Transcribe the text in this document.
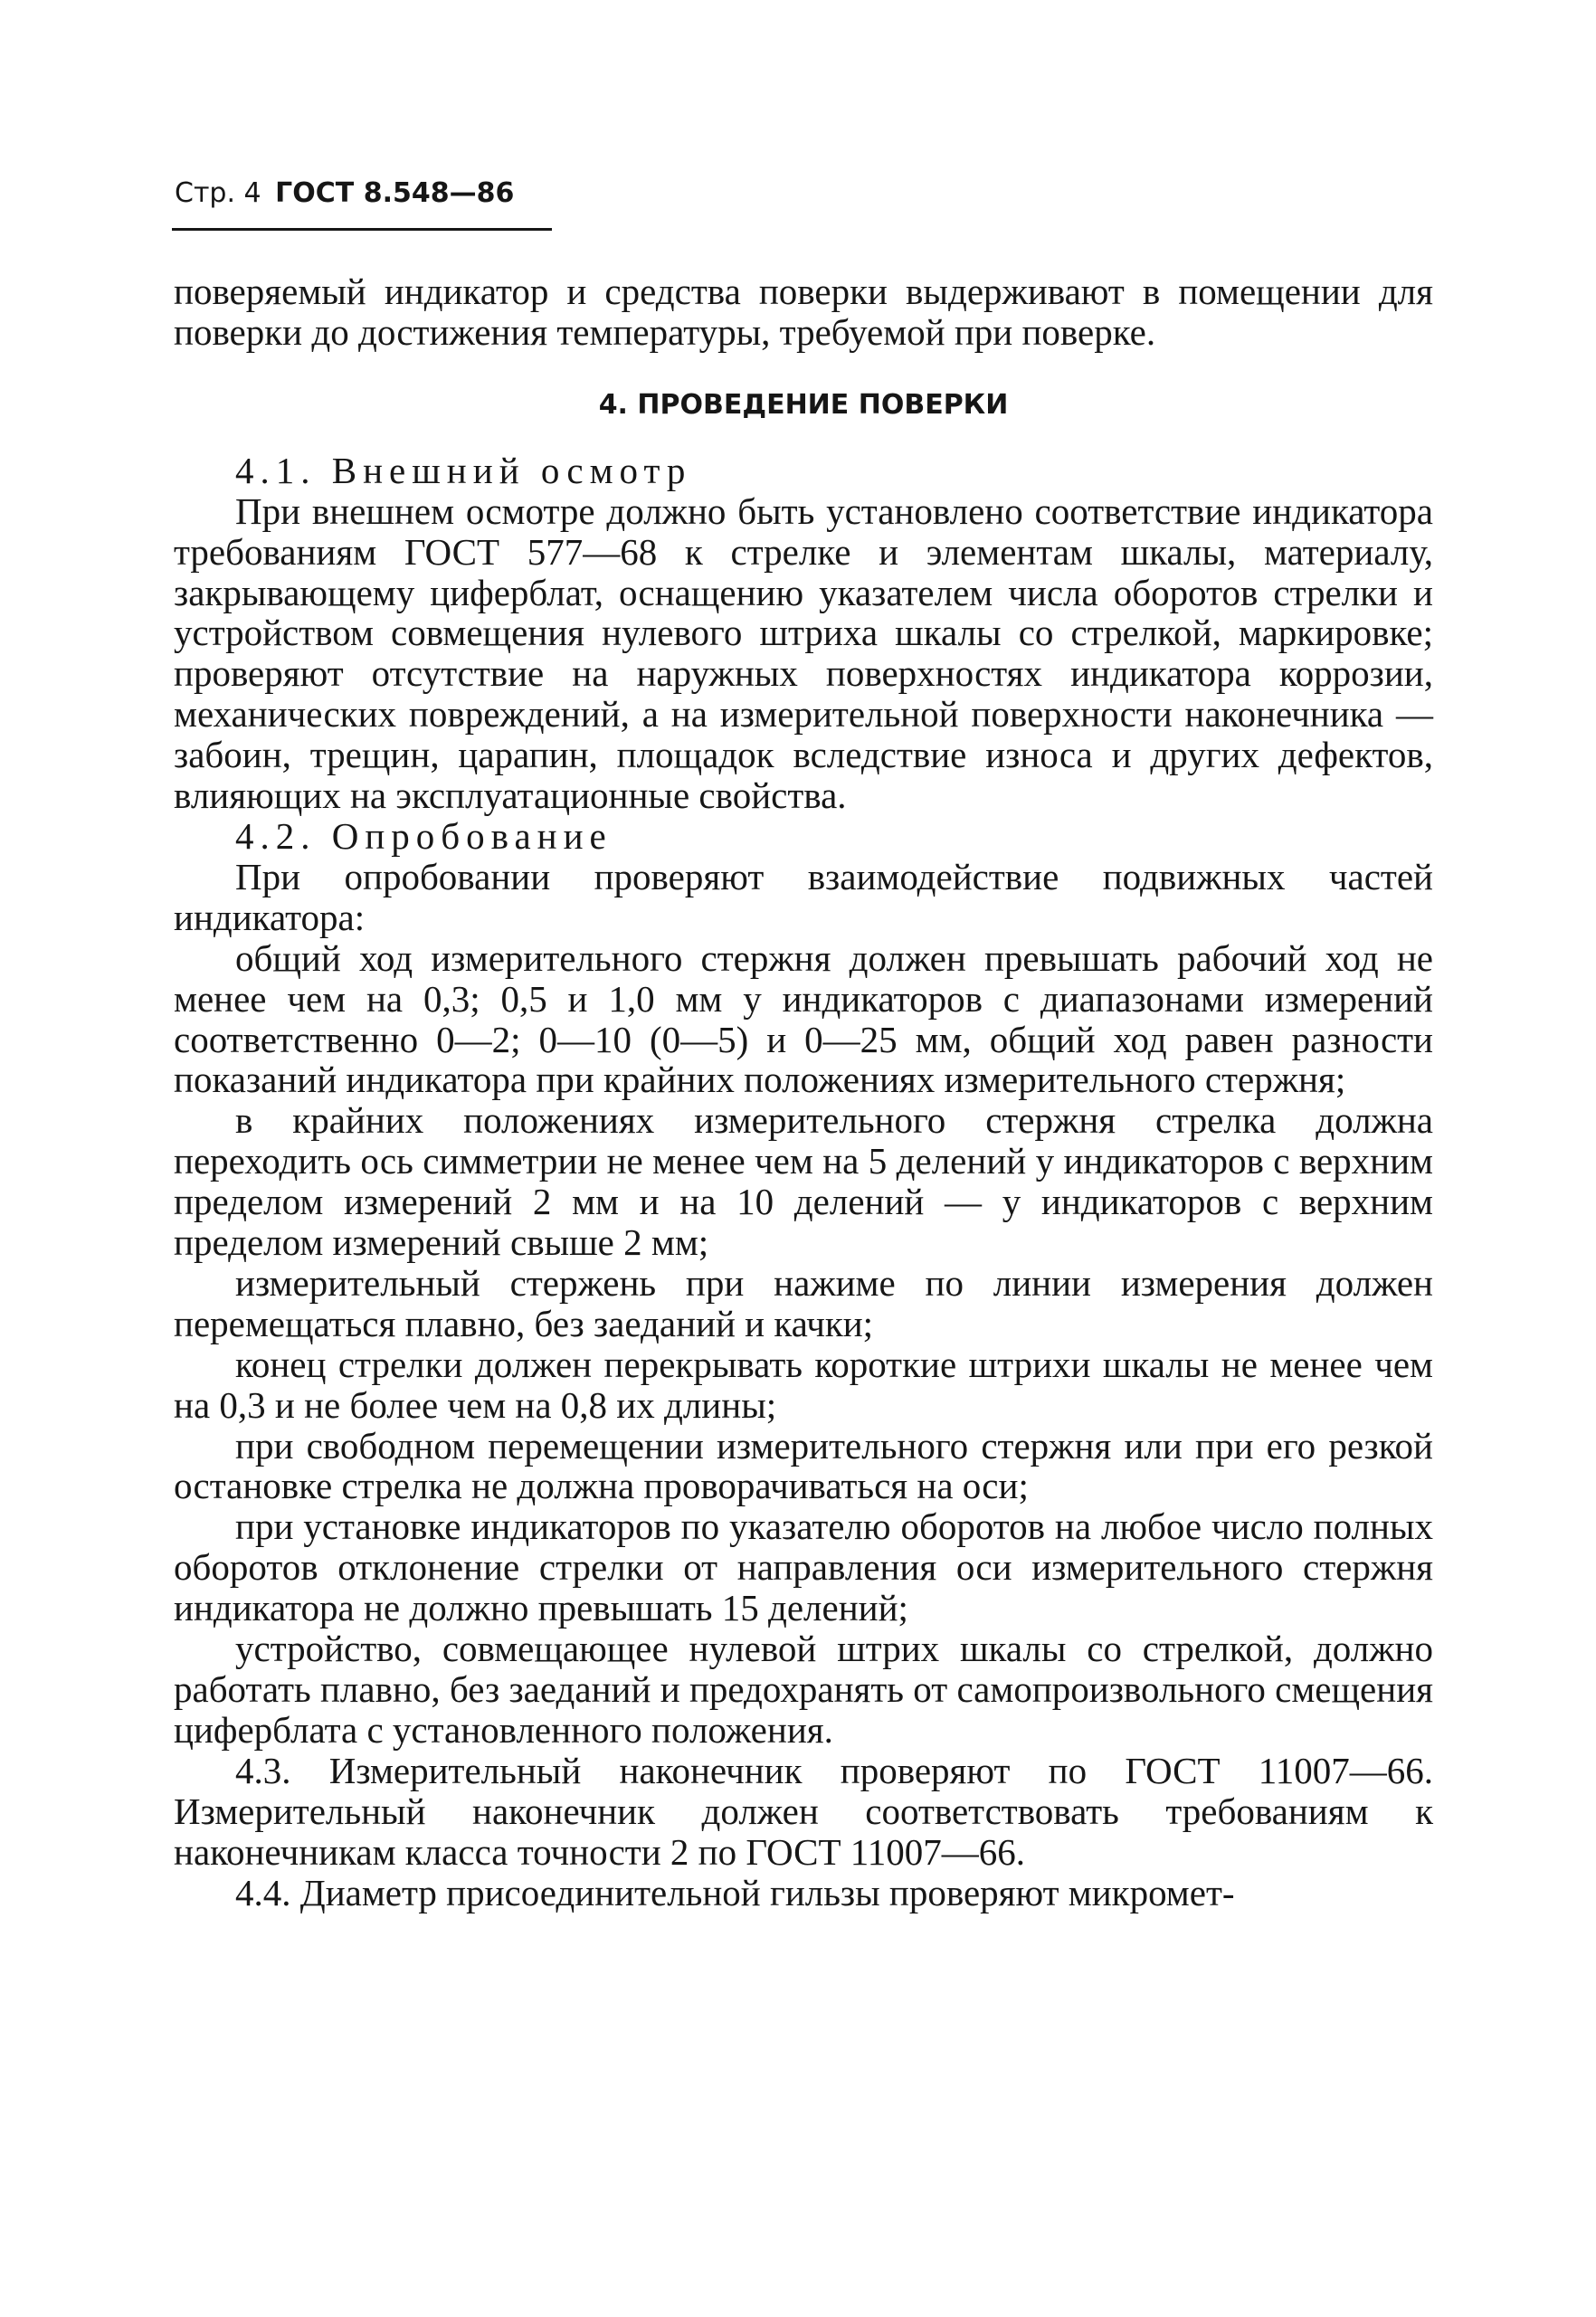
Стр. 4 ГОСТ 8.548—86

поверяемый индикатор и средства поверки выдерживают в помещении для поверки до достижения температуры, требуемой при поверке.

4. ПРОВЕДЕНИЕ ПОВЕРКИ

4.1. Внешний осмотр

При внешнем осмотре должно быть установлено соответствие индикатора требованиям ГОСТ 577—68 к стрелке и элементам шкалы, материалу, закрывающему циферблат, оснащению указателем числа оборотов стрелки и устройством совмещения нулевого штриха шкалы со стрелкой, маркировке; проверяют отсутствие на наружных поверхностях индикатора коррозии, механических повреждений, а на измерительной поверхности наконечника — забоин, трещин, царапин, площадок вследствие износа и других дефектов, влияющих на эксплуатационные свойства.

4.2. Опробование

При опробовании проверяют взаимодействие подвижных частей индикатора:

общий ход измерительного стержня должен превышать рабочий ход не менее чем на 0,3; 0,5 и 1,0 мм у индикаторов с диапазонами измерений соответственно 0—2; 0—10 (0—5) и 0—25 мм, общий ход равен разности показаний индикатора при крайних положениях измерительного стержня;

в крайних положениях измерительного стержня стрелка должна переходить ось симметрии не менее чем на 5 делений у индикаторов с верхним пределом измерений 2 мм и на 10 делений — у индикаторов с верхним пределом измерений свыше 2 мм;

измерительный стержень при нажиме по линии измерения должен перемещаться плавно, без заеданий и качки;

конец стрелки должен перекрывать короткие штрихи шкалы не менее чем на 0,3 и не более чем на 0,8 их длины;

при свободном перемещении измерительного стержня или при его резкой остановке стрелка не должна проворачиваться на оси;

при установке индикаторов по указателю оборотов на любое число полных оборотов отклонение стрелки от направления оси измерительного стержня индикатора не должно превышать 15 делений;

устройство, совмещающее нулевой штрих шкалы со стрелкой, должно работать плавно, без заеданий и предохранять от самопроизвольного смещения циферблата с установленного положения.

4.3. Измерительный наконечник проверяют по ГОСТ 11007—66. Измерительный наконечник должен соответствовать требованиям к наконечникам класса точности 2 по ГОСТ 11007—66.

4.4. Диаметр присоединительной гильзы проверяют микромет-
